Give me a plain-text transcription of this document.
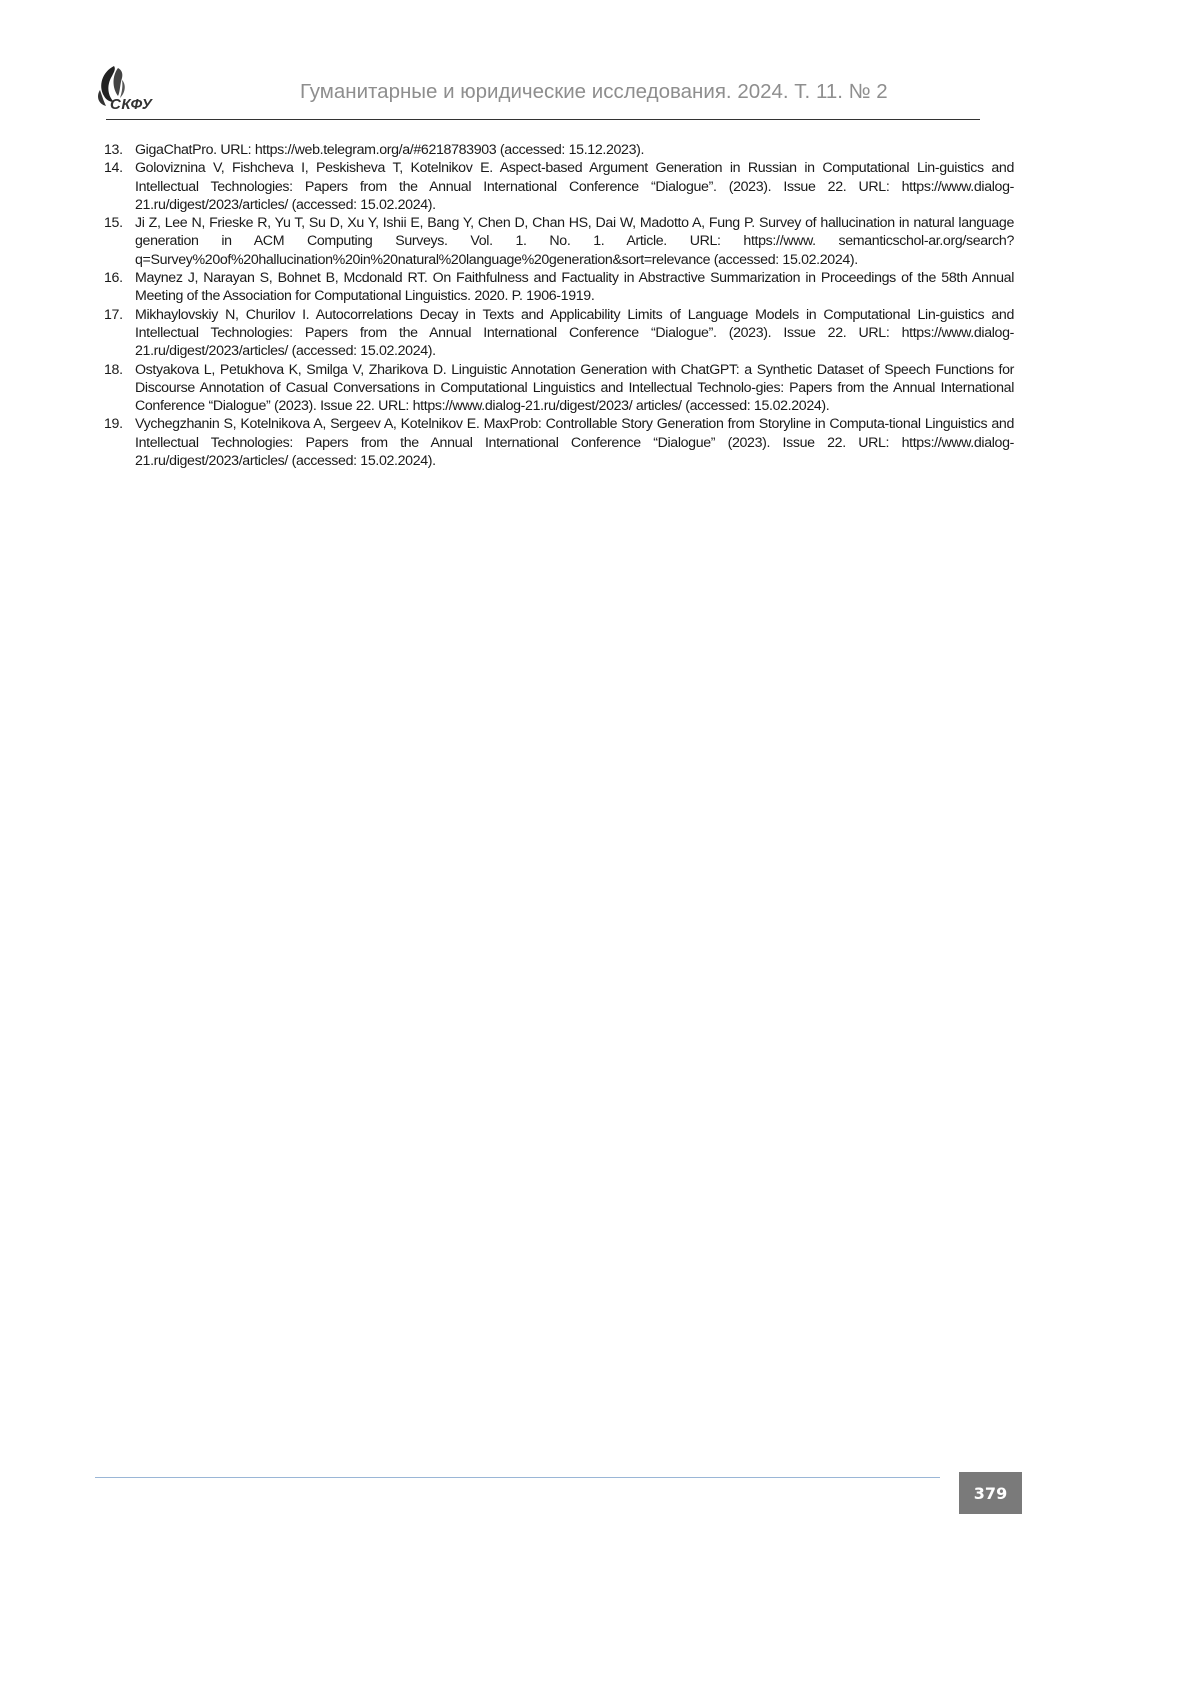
СКФУ
Гуманитарные и юридические исследования. 2024. Т. 11. № 2
13. GigaChatPro. URL: https://web.telegram.org/a/#6218783903 (accessed: 15.12.2023).
14. Goloviznina V, Fishcheva I, Peskisheva T, Kotelnikov E. Aspect-based Argument Generation in Russian in Computational Lin-guistics and Intellectual Technologies: Papers from the Annual International Conference “Dialogue”. (2023). Issue 22. URL: https://www.dialog-21.ru/digest/2023/articles/ (accessed: 15.02.2024).
15. Ji Z, Lee N, Frieske R, Yu T, Su D, Xu Y, Ishii E, Bang Y, Chen D, Chan HS, Dai W, Madotto A, Fung P. Survey of hallucination in natural language generation in ACM Computing Surveys. Vol. 1. No. 1. Article. URL: https://www. semanticschol-ar.org/search?q=Survey%20of%20hallucination%20in%20natural%20language%20generation&sort=relevance (accessed: 15.02.2024).
16. Maynez J, Narayan S, Bohnet B, Mcdonald RT. On Faithfulness and Factuality in Abstractive Summarization in Proceedings of the 58th Annual Meeting of the Association for Computational Linguistics. 2020. P. 1906-1919.
17. Mikhaylovskiy N, Churilov I. Autocorrelations Decay in Texts and Applicability Limits of Language Models in Computational Lin-guistics and Intellectual Technologies: Papers from the Annual International Conference “Dialogue”. (2023). Issue 22. URL: https://www.dialog-21.ru/digest/2023/articles/ (accessed: 15.02.2024).
18. Ostyakova L, Petukhova K, Smilga V, Zharikova D. Linguistic Annotation Generation with ChatGPT: a Synthetic Dataset of Speech Functions for Discourse Annotation of Casual Conversations in Computational Linguistics and Intellectual Technolo-gies: Papers from the Annual International Conference “Dialogue” (2023). Issue 22. URL: https://www.dialog-21.ru/digest/2023/ articles/ (accessed: 15.02.2024).
19. Vychegzhanin S, Kotelnikova A, Sergeev A, Kotelnikov E. MaxProb: Controllable Story Generation from Storyline in Computa-tional Linguistics and Intellectual Technologies: Papers from the Annual International Conference “Dialogue” (2023). Issue 22. URL: https://www.dialog-21.ru/digest/2023/articles/ (accessed: 15.02.2024).
379
